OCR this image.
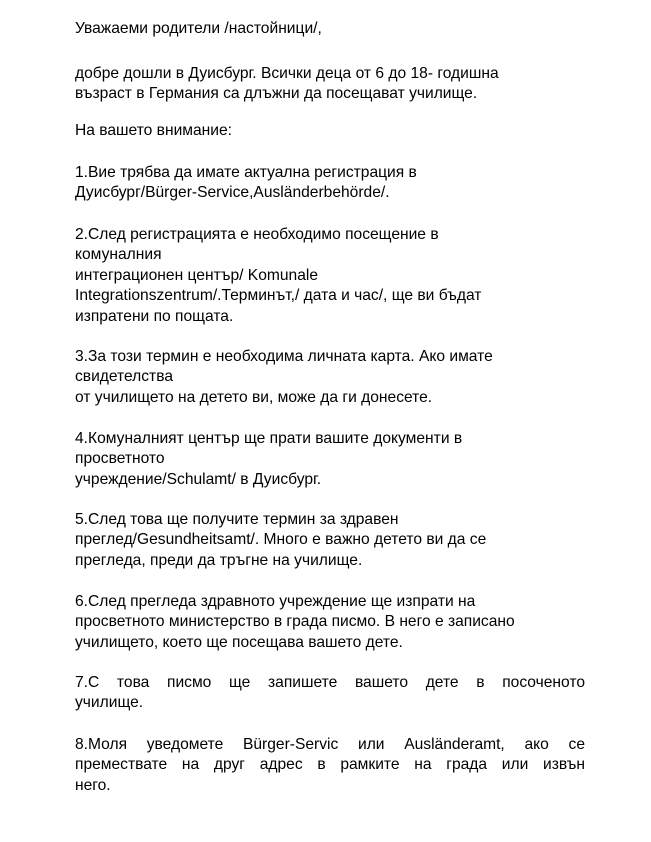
Уважаеми родители /настойници/,

добре дошли в Дуисбург. Всички деца от 6 до 18- годишна
възраст в Германия са длъжни да посещават училище.

На вашето внимание:

1.Вие трябва да имате актуална регистрация в
Дуисбург/Bürger-Service,Ausländerbehörde/.

2.След регистрацията е необходимо посещение в
комуналния
интеграционен център/ Komunale
Integrationszentrum/.Терминът,/ дата и час/, ще ви бъдат
изпратени по пощата.

3.За този термин е необходима личната карта. Ако имате
свидетелства
от училището на детето ви, може да ги донесете.

4.Комуналният център ще прати вашите документи в
просветното
учреждение/Schulamt/ в Дуисбург.

5.След това ще получите термин за здравен
преглед/Gesundheitsamt/. Много е важно детето ви да се
прегледа, преди да тръгне на училище.

6.След прегледа здравното учреждение ще изпрати на
просветното министерство в града писмо. В него е записано
училището, което ще посещава вашето дете.

7.С това писмо ще запишете вашето дете в посоченото
училище.

8.Моля уведомете Bürger-Servic или Ausländeramt, ако се
премествате на друг адрес в рамките на града или извън
него.
